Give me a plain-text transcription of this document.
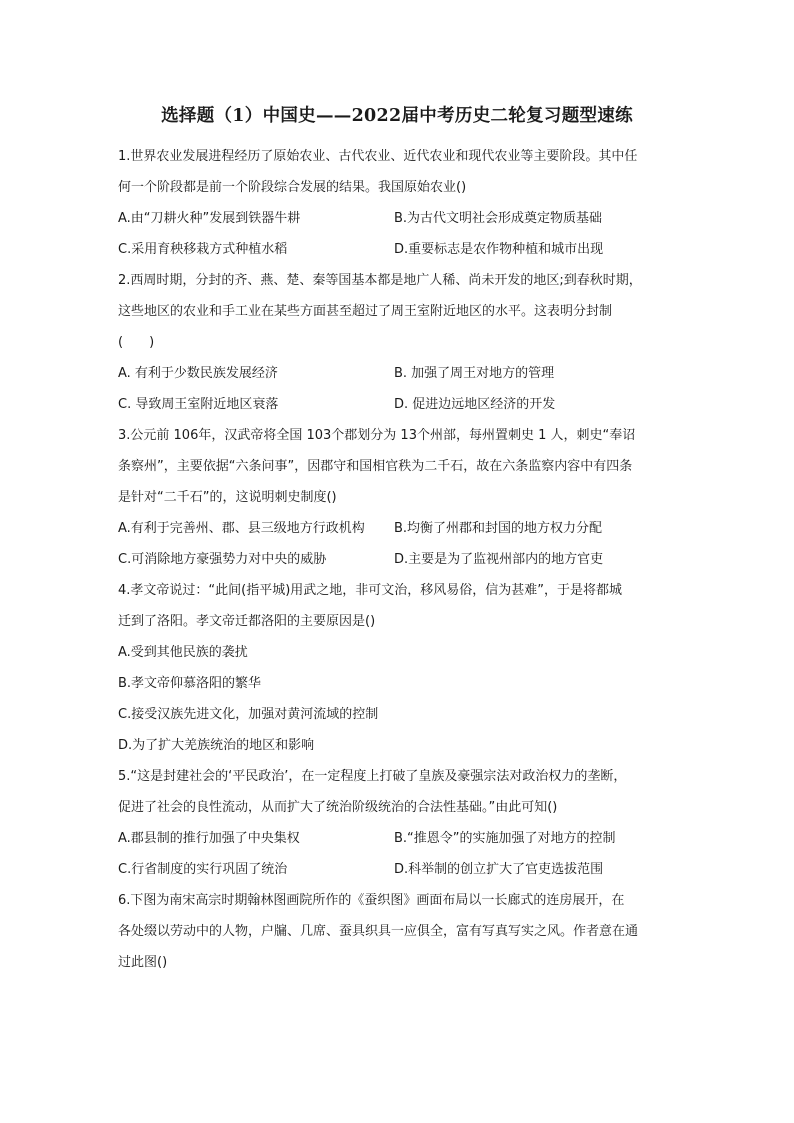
选择题（1）中国史——2022届中考历史二轮复习题型速练

1.世界农业发展进程经历了原始农业、古代农业、近代农业和现代农业等主要阶段。其中任

何一个阶段都是前一个阶段综合发展的结果。我国原始农业()

A.由“刀耕火种”发展到铁器牛耕	B.为古代文明社会形成奠定物质基础
C.采用育秧移栽方式种植水稻	D.重要标志是农作物种植和城市出现

2.西周时期，分封的齐、燕、楚、秦等国基本都是地广人稀、尚未开发的地区;到春秋时期，

这些地区的农业和手工业在某些方面甚至超过了周王室附近地区的水平。这表明分封制

(　　)

A. 有利于少数民族发展经济	B. 加强了周王对地方的管理
C. 导致周王室附近地区衰落	D. 促进边远地区经济的开发

3.公元前 106年，汉武帝将全国 103个郡划分为 13个州部，每州置刺史 1 人，刺史“奉诏

条察州”，主要依据“六条问事”，因郡守和国相官秩为二千石，故在六条监察内容中有四条

是针对“二千石”的，这说明刺史制度()

A.有利于完善州、郡、县三级地方行政机构	B.均衡了州郡和封国的地方权力分配
C.可消除地方豪强势力对中央的威胁	D.主要是为了监视州部内的地方官吏

4.孝文帝说过：“此间(指平城)用武之地，非可文治，移风易俗，信为甚难”，于是将都城

迁到了洛阳。孝文帝迁都洛阳的主要原因是()

A.受到其他民族的袭扰
B.孝文帝仰慕洛阳的繁华
C.接受汉族先进文化，加强对黄河流域的控制
D.为了扩大羌族统治的地区和影响

5.“这是封建社会的‘平民政治’，在一定程度上打破了皇族及豪强宗法对政治权力的垄断，

促进了社会的良性流动，从而扩大了统治阶级统治的合法性基础。”由此可知()

A.郡县制的推行加强了中央集权	B.“推恩令”的实施加强了对地方的控制
C.行省制度的实行巩固了统治	D.科举制的创立扩大了官吏选拔范围

6.下图为南宋高宗时期翰林图画院所作的《蚕织图》画面布局以一长廊式的连房展开，在

各处缀以劳动中的人物，户牖、几席、蚕具织具一应俱全，富有写真写实之风。作者意在通

过此图()
